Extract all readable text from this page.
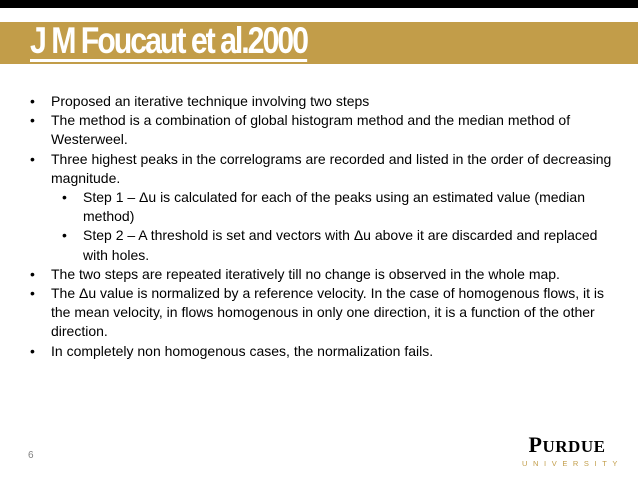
J M Foucaut et al.2000
• Proposed an iterative technique involving two steps
• The method is a combination of global histogram method and the median method of Westerweel.
• Three highest peaks in the correlograms are recorded and listed in the order of decreasing magnitude.
• Step 1 – Δu is calculated for each of the peaks using an estimated value (median method)
• Step 2 – A threshold is set and vectors with Δu above it are discarded and replaced with holes.
• The two steps are repeated iteratively till no change is observed in the whole map.
• The Δu value is normalized by a reference velocity. In the case of homogenous flows, it is the mean velocity, in flows homogenous in only one direction, it is a function of the other direction.
• In completely non homogenous cases, the normalization fails.
6	PURDUE
UNIVERSITY
